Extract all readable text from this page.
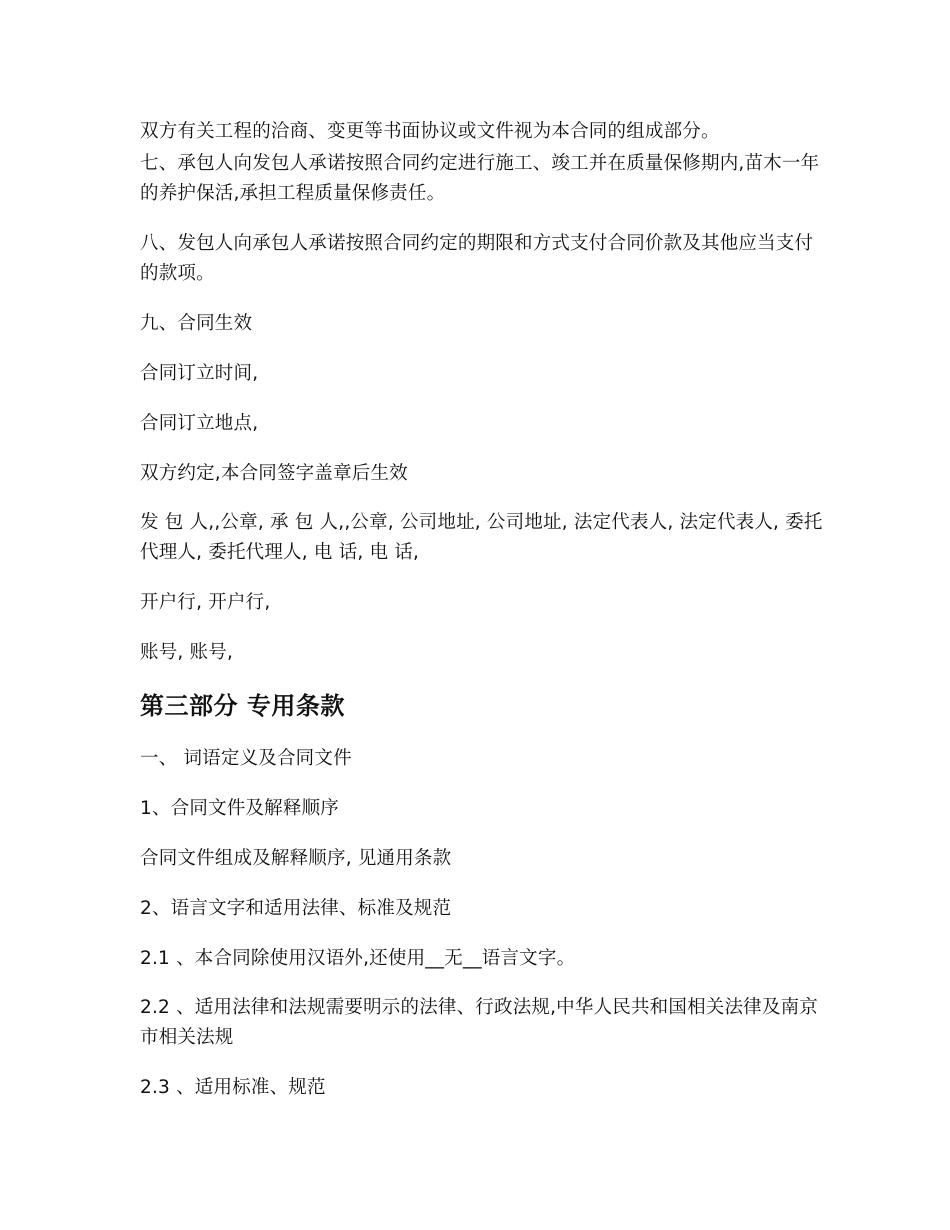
双方有关工程的洽商、变更等书面协议或文件视为本合同的组成部分。

七、承包人向发包人承诺按照合同约定进行施工、竣工并在质量保修期内,苗木一年的养护保活,承担工程质量保修责任。

八、发包人向承包人承诺按照合同约定的期限和方式支付合同价款及其他应当支付的款项。

九、合同生效

合同订立时间,

合同订立地点,

双方约定,本合同签字盖章后生效

发 包 人,,公章, 承 包 人,,公章, 公司地址, 公司地址, 法定代表人, 法定代表人, 委托代理人, 委托代理人, 电 话, 电 话,

开户行, 开户行,

账号, 账号,

第三部分 专用条款

一、 词语定义及合同文件

1、合同文件及解释顺序

合同文件组成及解释顺序, 见通用条款

2、语言文字和适用法律、标准及规范

2.1 、本合同除使用汉语外,还使用__无__语言文字。

2.2 、适用法律和法规需要明示的法律、行政法规,中华人民共和国相关法律及南京市相关法规

2.3 、适用标准、规范
